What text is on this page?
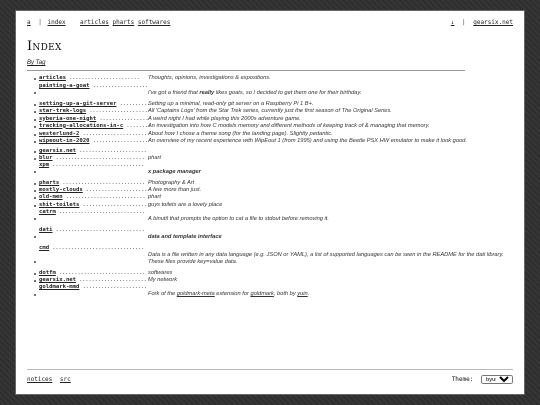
a | index articles pharts softwares	↓ | gearsix.net
Index
By Tag
articles .......................	Thoughts, opinions, investigations & expositions.
painting-a-goat ..................
I've got a friend that really likes goats, so I decided to get them one for their birthday.
setting-up-a-git-server ..........
Setting up a minimal, read-only git server on a Raspberry Pi 1 B+.
star-trek-logs ................... All 'Captains Logs' from the Star Trek series, currently just the first season of The Original Series.
syberia-one-night ................ A weird night I had while playing this 2000s adventure game.
tracking-allocations-in-c ........
An investigation into how C models memory and different methods of keeping track of & managing that memory.
westerlund-2 ..................... About how I chose a theme song (for the landing page). Slightly pedantic.
wipeout-in-2020 .................. An overview of my recent experience with WipEout 1 (from 1995) and using the Beetle PSX HW emulator to make it look good.
gearsix.net ......................
blur ............................. phart
xpm ..............................
x package manager
pharts ........................... Photography & Art
mostly-clouds .................... A few more than just.
old-men .......................... phart
shit-toilets ..................... guys toilets are a lovely place
catrm ............................
A binutil that prompts the option to cat a file to stdout before removing it.
dati .............................
data and template interface
cmd ..............................
Data is a file written in any data language (e.g. JSON or YAML), a list of supported languages can be seen in the README for the dati library. These files provide key=value data.
dotfm ............................ softwares
gearsix.net ...................... My network
goldmark-mmd .....................
Fork of the goldmark-meta extension for goldmark, both by yuin.
notices src	Theme:
byuu
